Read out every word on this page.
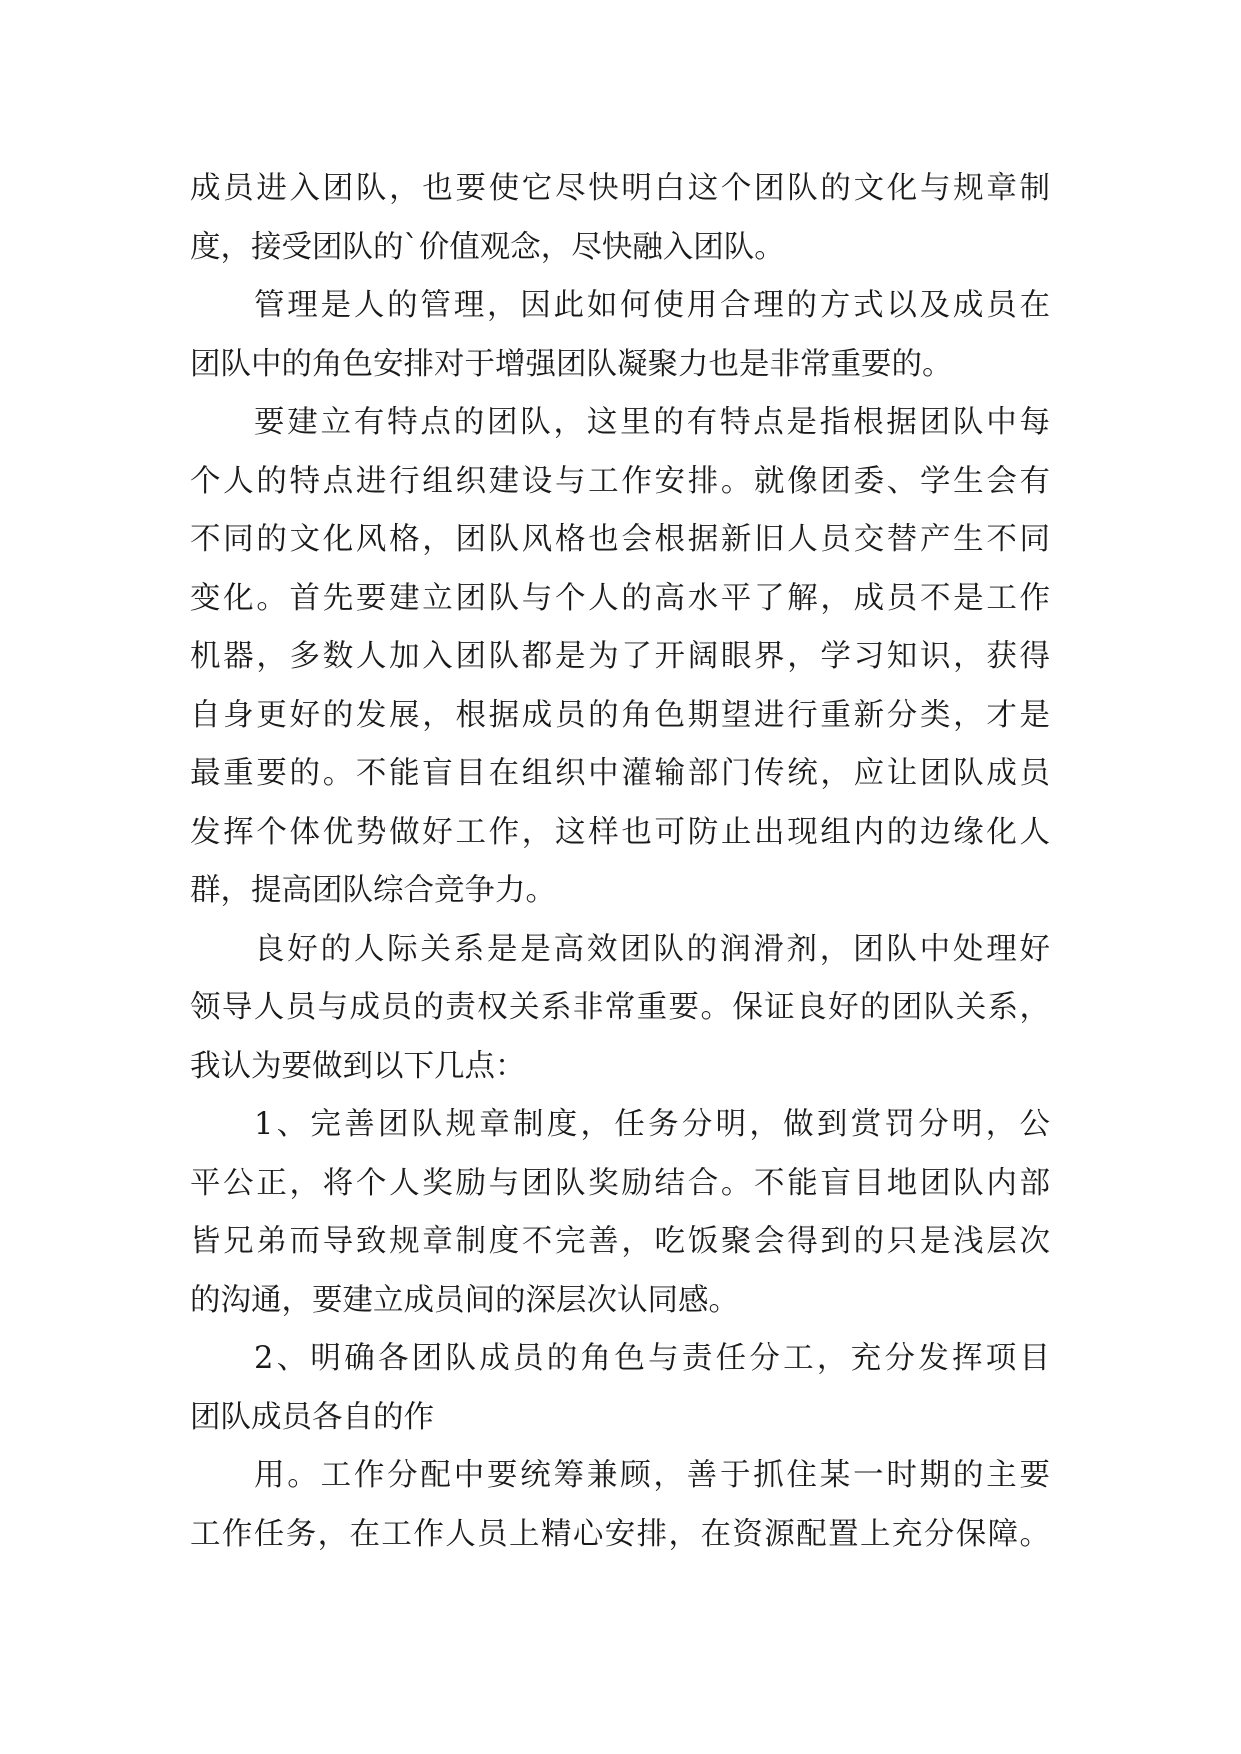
成员进入团队，也要使它尽快明白这个团队的文化与规章制
度，接受团队的`价值观念，尽快融入团队。
管理是人的管理，因此如何使用合理的方式以及成员在
团队中的角色安排对于增强团队凝聚力也是非常重要的。
要建立有特点的团队，这里的有特点是指根据团队中每
个人的特点进行组织建设与工作安排。就像团委、学生会有
不同的文化风格，团队风格也会根据新旧人员交替产生不同
变化。首先要建立团队与个人的高水平了解，成员不是工作
机器，多数人加入团队都是为了开阔眼界，学习知识，获得
自身更好的发展，根据成员的角色期望进行重新分类，才是
最重要的。不能盲目在组织中灌输部门传统，应让团队成员
发挥个体优势做好工作，这样也可防止出现组内的边缘化人
群，提高团队综合竞争力。
良好的人际关系是是高效团队的润滑剂，团队中处理好
领导人员与成员的责权关系非常重要。保证良好的团队关系，
我认为要做到以下几点：
1、完善团队规章制度，任务分明，做到赏罚分明，公
平公正，将个人奖励与团队奖励结合。不能盲目地团队内部
皆兄弟而导致规章制度不完善，吃饭聚会得到的只是浅层次
的沟通，要建立成员间的深层次认同感。
2、明确各团队成员的角色与责任分工，充分发挥项目
团队成员各自的作
用。工作分配中要统筹兼顾，善于抓住某一时期的主要
工作任务，在工作人员上精心安排，在资源配置上充分保障。
